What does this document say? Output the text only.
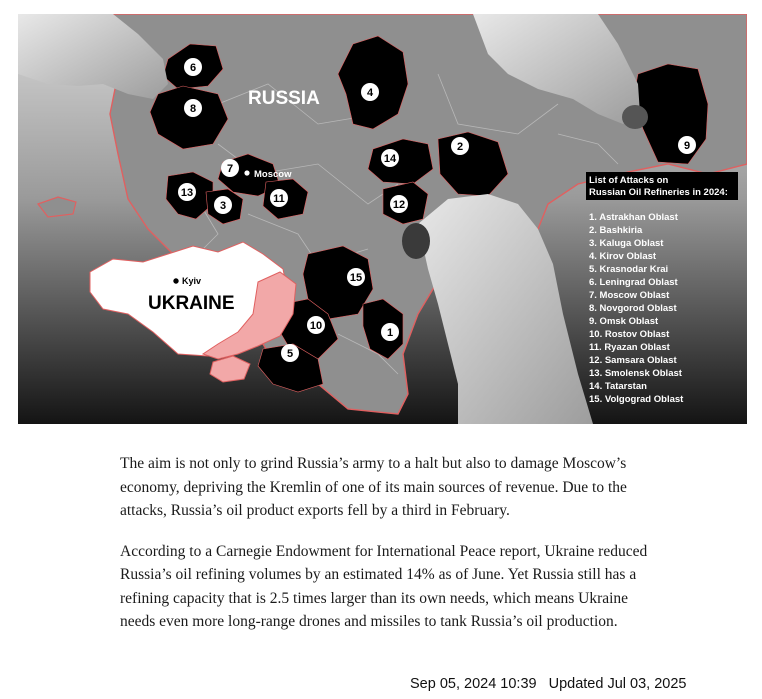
RUSSIA
UKRAINE
Moscow
Kyiv
1
2
3
4
5
6
7
8
9
10
11	12
13
14
15
List of Attacks on
Russian Oil Refineries in 2024:
1. Astrakhan Oblast
2. Bashkiria
3. Kaluga Oblast
4. Kirov Oblast
5. Krasnodar Krai
6. Leningrad Oblast
7. Moscow Oblast
8. Novgorod Oblast
9. Omsk Oblast
10. Rostov Oblast
11. Ryazan Oblast
12. Samsara Oblast
13. Smolensk Oblast
14. Tatarstan
15. Volgograd Oblast

The aim is not only to grind Russia’s army to a halt but also to damage Moscow’s economy, depriving the Kremlin of one of its main sources of revenue. Due to the attacks, Russia’s oil product exports fell by a third in February.

According to a Carnegie Endowment for International Peace report, Ukraine reduced Russia’s oil refining volumes by an estimated 14% as of June. Yet Russia still has a refining capacity that is 2.5 times larger than its own needs, which means Ukraine needs even more long-range drones and missiles to tank Russia’s oil production.

Sep 05, 2024 10:39 Updated Jul 03, 2025
